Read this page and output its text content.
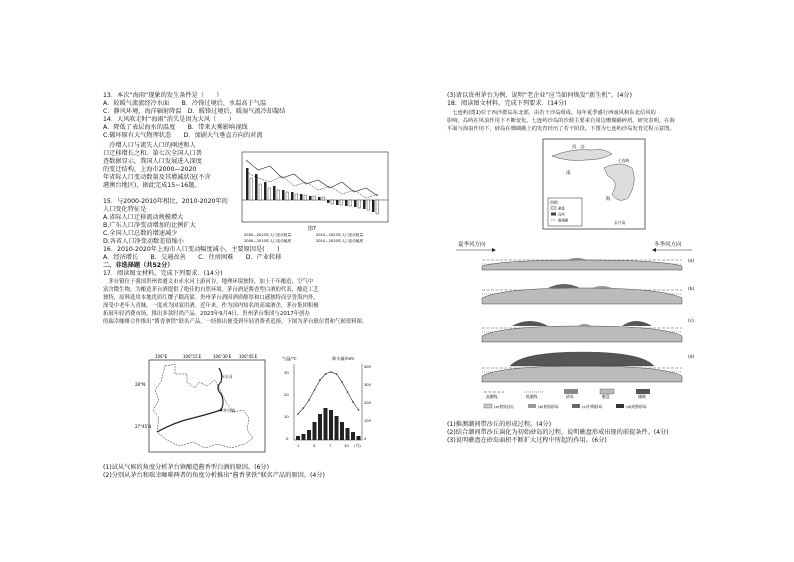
13．本次“海雨”现象的发生条件是（　　）
A．较暖气流流经冷水面　　B．冷锋过境后，水温高于气温
C．静风环境，海洋辐射降温　D．暖锋过境后，暖湿气流冷却凝结
14．大风吹走时“海雨”消失是因为大风（　　）
A．降低了表层海水的温度　　B．带来大雾影响视线
C.破坏原有大气物理状态　　D．加剧大气垂直方向的对流
　冷增人口与流失人口的阐述和人
口迁移增长之和。第七次全国人口普
查数据显示，我国人口发展进入深度
的变迁结构，上海市2000—2020
年省际人口变动数量及其增减状况(不含
港澳台地区)，据此完成15~16题。
15．与2000-2010年相比，2010-2020年的
人口变化特征是
A.省际人口迁移流动规模增大
B.广东人口净变动增加的比例扩大
C.全国人口总数的增速减少
D.各省人口净变动数差值缩小
图7
2000—2010年人口变动数量	2010—2020年人口变动数量
2000—2010年人口变动幅度	2010—2020年人口变动幅度
16．2010-2020年上海市人口变动幅度减小，主要原因是(　　)
A．经济增长　　B．交通改善　　C．住房困难　　D．产业转移
二、非选择题（共52分）
17．阅读图文材料，完成下列要求．(14分)
　茅台镇位于我国贵州省遵义市赤水河上游河谷，地理环境独特，加上千年酿造，空气中
富含微生物，为酿造茅台酒提供了绝佳的自然环境。茅台酒是酱香型白酒的代表，酿造工艺
独特，原料选用本地优质红缨子糯高粱。贵州茅台酒因酒质醇厚和口感独特而享誉海内外，
深受中老年人青睐，一度成为国宴用酒。近年来，作为国内知名的高端酒企，茅台集团积极
拓展年轻消费市场，推出多款时尚产品。2023年9月4日，贵州茅台集团与2017年创办
的瑞幸咖啡合作推出“酱香拿铁”联名产品，一经推出便受到年轻消费者追捧，下图为茅台镇位置和气候资料图。
106°E	106°15′E	106°30′E 106°45′E
28°N
27°45′N
茅台镇
赤水河
气温/℃	降水量/mm
30
20
10
0
400
300
200
100
0
1	4	7	10 (月)
(1)试从气候的角度分析茅台镇酿造酱香型白酒的原因。(6分)
(2)分别从茅台和瑞幸咖啡两者的角度分析推出“酱香拿铁”联名产品的原因。(4分)
(3)请以贵州茅台为例，说明“老企业”应当如何焕发“新生机”。(4分)
18．阅读图文材料，完成下列要求．(14分)
　七连屿(图1)位于西沙群岛东北部，由若干沙岛组成，每年夏季盛行西南风和东北信风的
影响，岛屿在风浪作用下不断变化。七连屿沙岛的沙源主要来自周边珊瑚礁碎屑。研究表明，在海
平面与海浪作用下，砂岛在珊瑚礁上的发育经历了若干阶段。下图为七连屿沙岛发育过程示意图。
西　沙
南
海
七连屿
永兴岛
图例
礁盘
岛屿
珊瑚礁
夏季风方向	冬季风方向
(a)
(b)
(c)
(d)
高潮线	低潮线	砂岛	礁盘	珊瑚
(a)初始沙丘	(b)初始砂岛	(c)中期砂岛	(d)成熟砂岛
(1)推测潮间带沙丘的形成过程。(4分)
(2)结合潮间带沙丘演化为初始砂岛的过程，说明礁盘形成出现的前提条件。(4分)
(3)说明礁盘在砂岛面积不断扩大过程中所起的作用。(6分)
